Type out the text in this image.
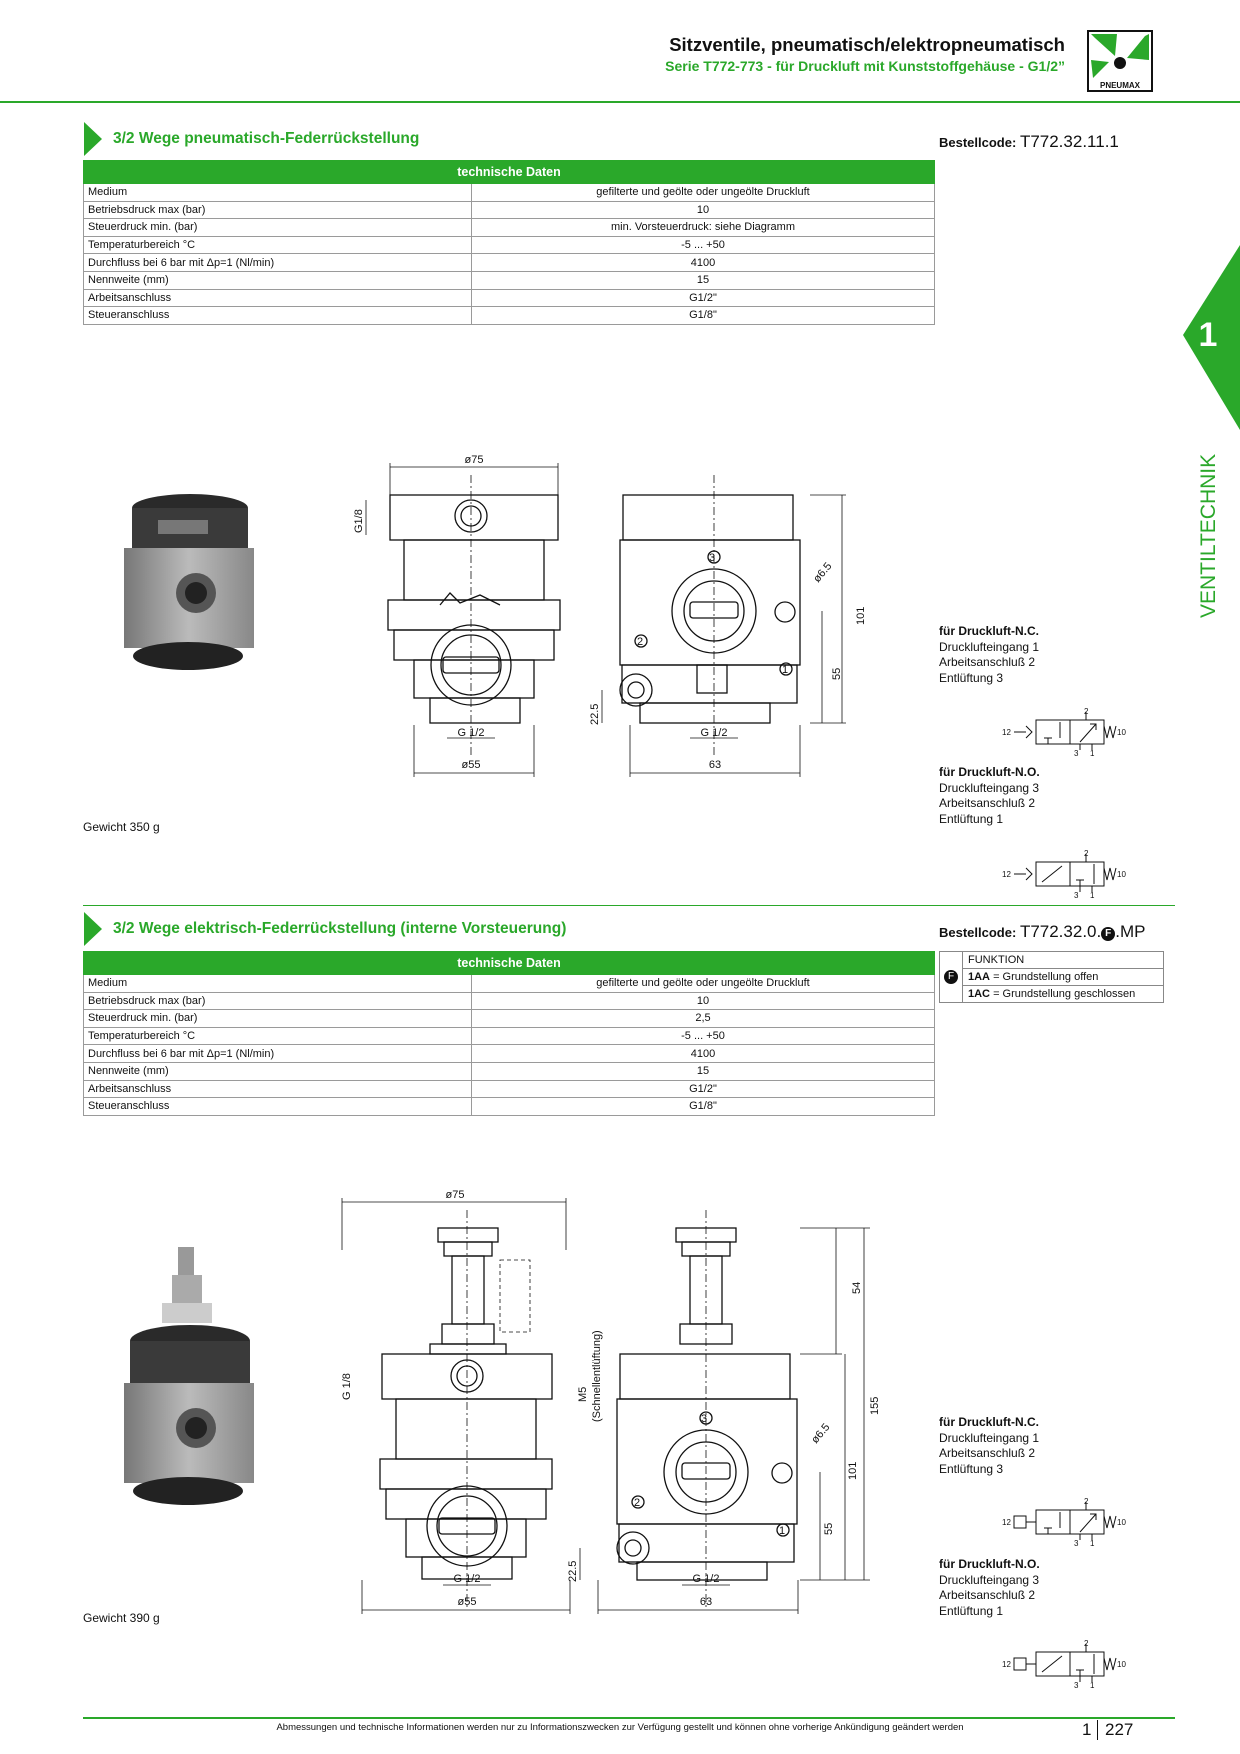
Sitzventile, pneumatisch/elektropneumatisch
Serie T772-773 - für Druckluft mit Kunststoffgehäuse - G1/2”
PNEUMAX
1
VENTILTECHNIK
3/2 Wege pneumatisch-Federrückstellung	Bestellcode: T772.32.11.1
technische Daten	
Medium	gefilterte und geölte oder ungeölte Druckluft
Betriebsdruck max (bar)	10
Steuerdruck min. (bar)	min. Vorsteuerdruck: siehe Diagramm
Temperaturbereich °C	-5 ... +50
Durchfluss bei 6 bar mit Δp=1 (Nl/min)	4100
Nennweite (mm)	15
Arbeitsanschluss	G1/2"
Steueranschluss	G1/8"
ø75
G1/8
ø55
G 1/2
63
G 1/2
101
55
22.5
ø6.5
3
2
1
Gewicht 350 g
für Druckluft-N.C.
Drucklufteingang 1
Arbeitsanschluß 2
Entlüftung 3
12	10
2
3 1
für Druckluft-N.O.
Drucklufteingang 3
Arbeitsanschluß 2
Entlüftung 1
12	10
2
3 1
3/2 Wege elektrisch-Federrückstellung (interne Vorsteuerung)	Bestellcode: T772.32.0. F .MP
technische Daten	
Medium	gefilterte und geölte oder ungeölte Druckluft
Betriebsdruck max (bar)	10
Steuerdruck min. (bar)	2,5
Temperaturbereich °C	-5 ... +50
Durchfluss bei 6 bar mit Δp=1 (Nl/min)	4100
Nennweite (mm)	15
Arbeitsanschluss	G1/2"
Steueranschluss	G1/8"
F	FUNKTION
1AA = Grundstellung offen
1AC = Grundstellung geschlossen
ø75
G 1/8
ø55
G 1/2
63
G 1/2
54
155
101
55
22.5
M5 (Schnellentlüftung)
ø6.5
3
2
1
Gewicht 390 g
für Druckluft-N.C.
Drucklufteingang 1
Arbeitsanschluß 2
Entlüftung 3
12	10
2
3 1
für Druckluft-N.O.
Drucklufteingang 3
Arbeitsanschluß 2
Entlüftung 1
12	10
2
3 1
Abmessungen und technische Informationen werden nur zu Informationszwecken zur Verfügung gestellt und können ohne vorherige Ankündigung geändert werden	1 227
